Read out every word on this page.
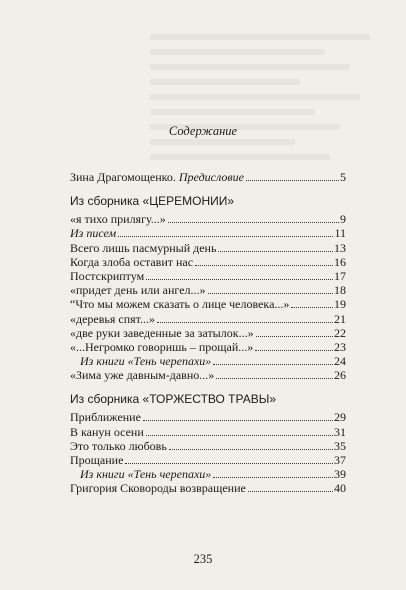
Содержание
Зина Драгомощенко. Предисловие	5
Из сборника «ЦЕРЕМОНИИ»
«я тихо прилягу...»	9
Из писем	11
Всего лишь пасмурный день	13
Когда злоба оставит нас	16
Постскриптум	17
«придет день или ангел...»	18
“Что мы можем сказать о лице человека...»	19
«деревья спят...»	21
«две руки заведенные за затылок...»	22
«...Негромко говоришь – прощай...»	23
Из книги «Тень черепахи»	24
«Зима уже давным-давно...»	26
Из сборника «ТОРЖЕСТВО ТРАВЫ»
Приближение	29
В канун осени	31
Это только любовь	35
Прощание	37
Из книги «Тень черепахи»	39
Григория Сковороды возвращение	40
235
